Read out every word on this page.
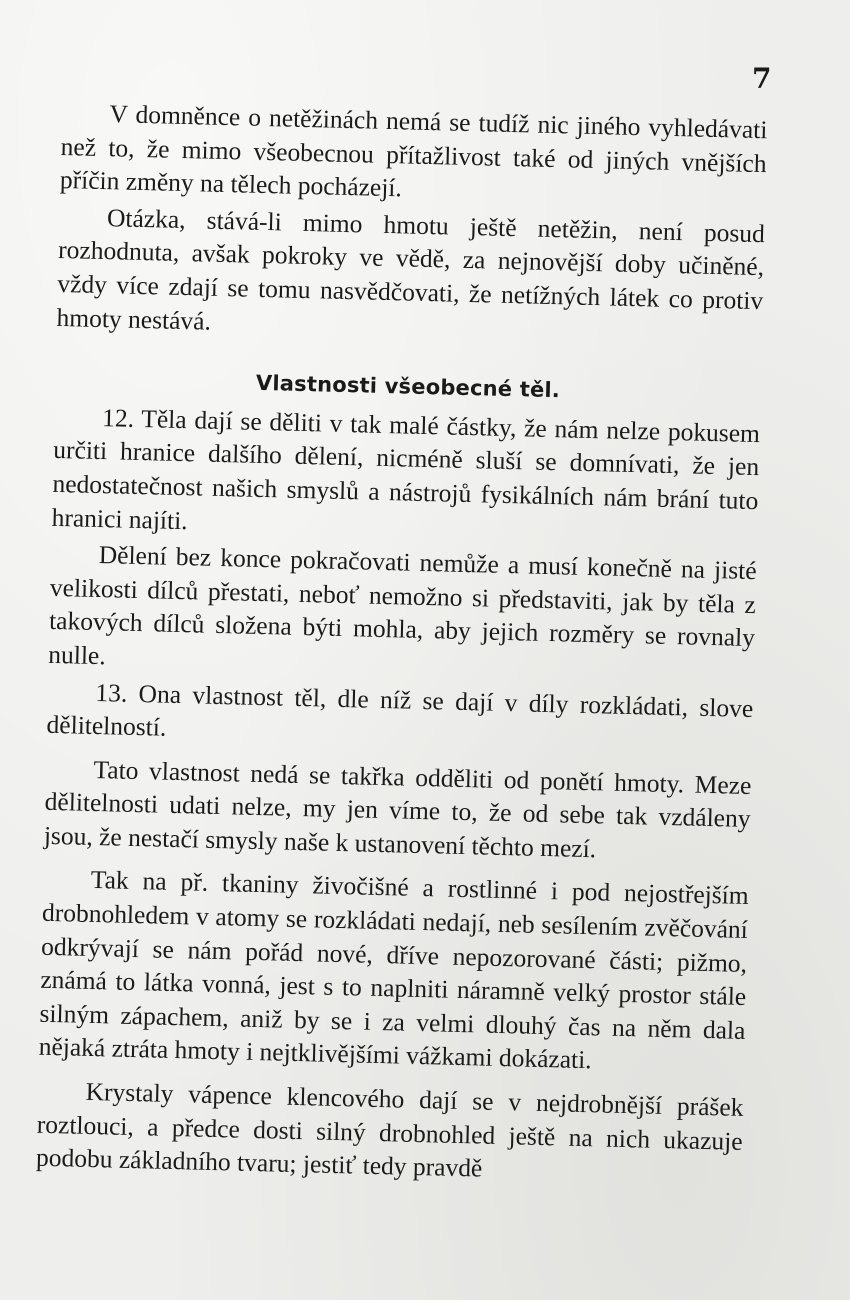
7

V domněnce o netěžinách nemá se tudíž nic jiného vyhledávati než to, že mimo všeobecnou přítažlivost také od jiných vnějších příčin změny na tělech pocházejí.

Otázka, stává-li mimo hmotu ještě netěžin, není posud rozhodnuta, avšak pokroky ve vědě, za nejnovější doby učiněné, vždy více zdají se tomu nasvědčovati, že netížných látek co protiv hmoty nestává.

Vlastnosti všeobecné těl.

12. Těla dají se děliti v tak malé částky, že nám nelze pokusem určiti hranice dalšího dělení, nicméně sluší se domnívati, že jen nedostatečnost našich smyslů a nástrojů fysikálních nám brání tuto hranici najíti.

Dělení bez konce pokračovati nemůže a musí konečně na jisté velikosti dílců přestati, neboť nemožno si představiti, jak by těla z takových dílců složena býti mohla, aby jejich rozměry se rovnaly nulle.

13. Ona vlastnost těl, dle níž se dají v díly rozkládati, slove dělitelností.

Tato vlastnost nedá se takřka odděliti od ponětí hmoty. Meze dělitelnosti udati nelze, my jen víme to, že od sebe tak vzdáleny jsou, že nestačí smysly naše k ustanovení těchto mezí.

Tak na př. tkaniny živočišné a rostlinné i pod nejostřejším drobnohledem v atomy se rozkládati nedají, neb sesílením zvěčování odkrývají se nám pořád nové, dříve nepozorované části; pižmo, známá to látka vonná, jest s to naplniti náramně velký prostor stále silným zápachem, aniž by se i za velmi dlouhý čas na něm dala nějaká ztráta hmoty i nejtklivějšími vážkami dokázati.

Krystaly vápence klencového dají se v nejdrobnější prášek roztlouci, a předce dosti silný drobnohled ještě na nich ukazuje podobu základního tvaru; jestiť tedy pravdě
